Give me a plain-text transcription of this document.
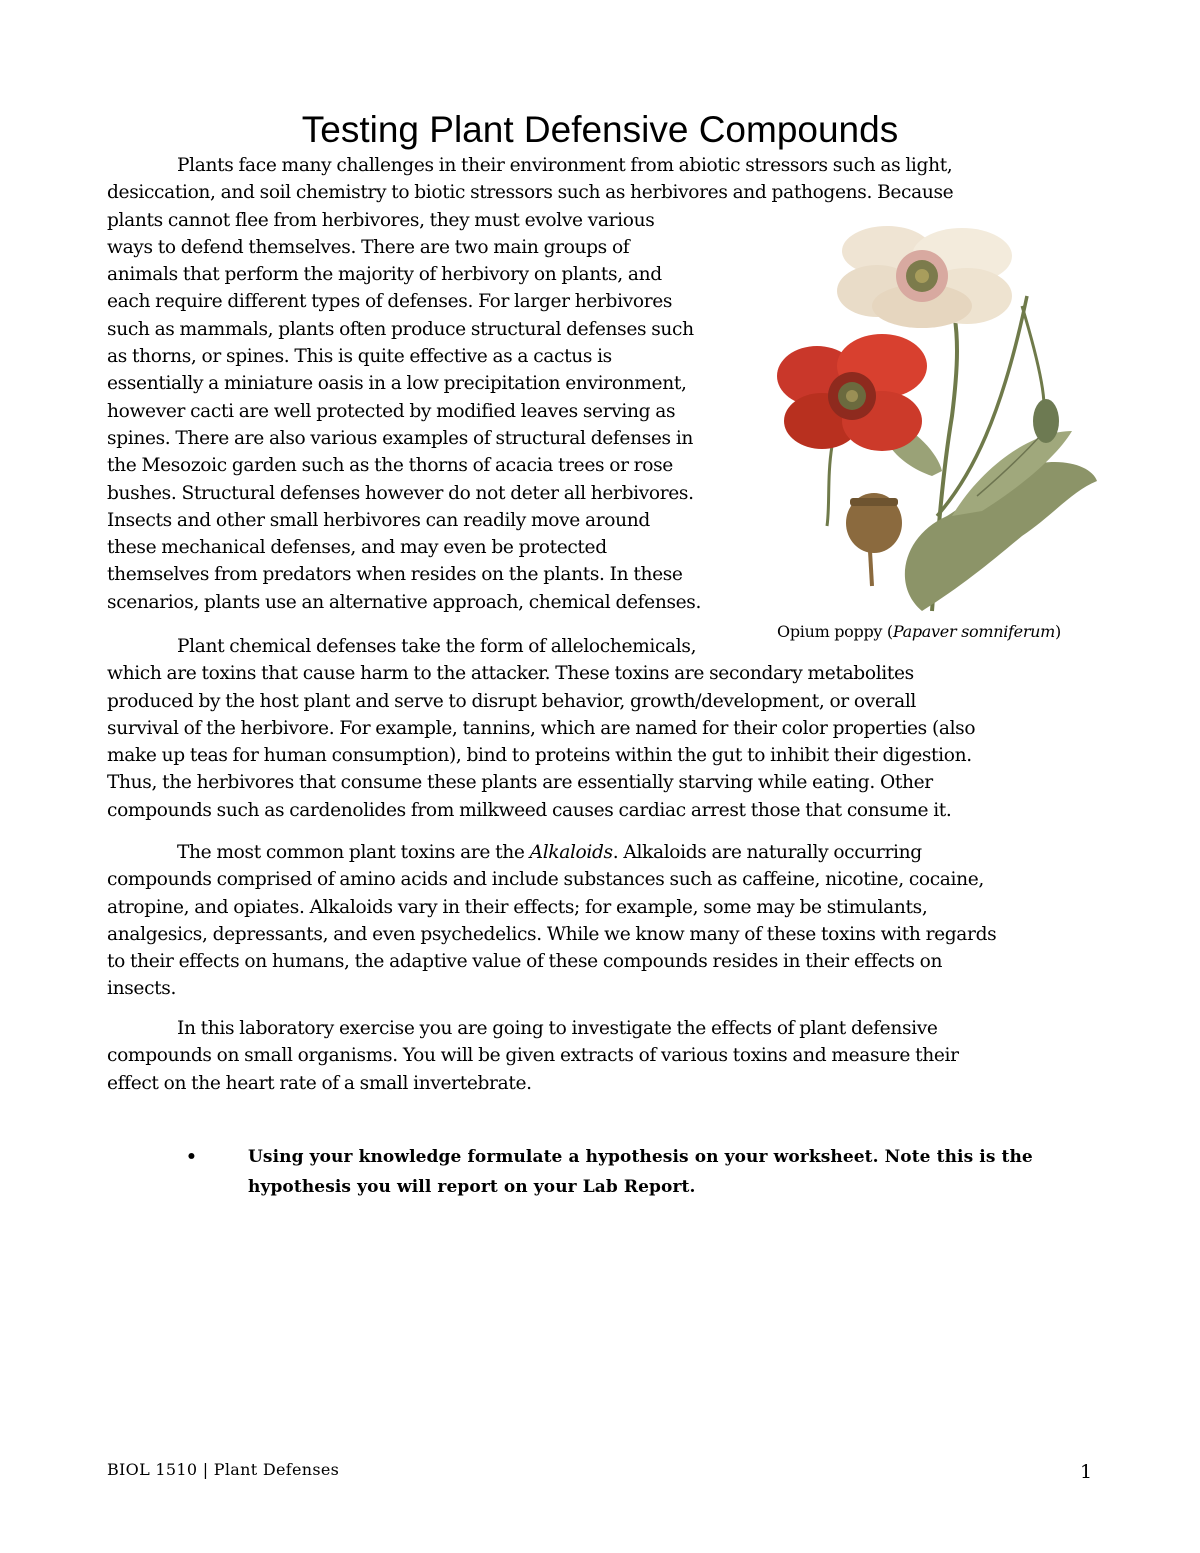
Testing Plant Defensive Compounds
Plants face many challenges in their environment from abiotic stressors such as light,
desiccation, and soil chemistry to biotic stressors such as herbivores and pathogens. Because
plants cannot flee from herbivores, they must evolve various
ways to defend themselves. There are two main groups of
animals that perform the majority of herbivory on plants, and
each require different types of defenses. For larger herbivores
such as mammals, plants often produce structural defenses such
as thorns, or spines. This is quite effective as a cactus is
essentially a miniature oasis in a low precipitation environment,
however cacti are well protected by modified leaves serving as
spines. There are also various examples of structural defenses in
the Mesozoic garden such as the thorns of acacia trees or rose
bushes. Structural defenses however do not deter all herbivores.
Insects and other small herbivores can readily move around
these mechanical defenses, and may even be protected
themselves from predators when resides on the plants. In these
scenarios, plants use an alternative approach, chemical defenses.
Opium poppy (Papaver somniferum)
Plant chemical defenses take the form of allelochemicals,
which are toxins that cause harm to the attacker. These toxins are secondary metabolites
produced by the host plant and serve to disrupt behavior, growth/development, or overall
survival of the herbivore. For example, tannins, which are named for their color properties (also
make up teas for human consumption), bind to proteins within the gut to inhibit their digestion.
Thus, the herbivores that consume these plants are essentially starving while eating. Other
compounds such as cardenolides from milkweed causes cardiac arrest those that consume it.
The most common plant toxins are the Alkaloids. Alkaloids are naturally occurring
compounds comprised of amino acids and include substances such as caffeine, nicotine, cocaine,
atropine, and opiates. Alkaloids vary in their effects; for example, some may be stimulants,
analgesics, depressants, and even psychedelics. While we know many of these toxins with regards
to their effects on humans, the adaptive value of these compounds resides in their effects on
insects.
In this laboratory exercise you are going to investigate the effects of plant defensive
compounds on small organisms. You will be given extracts of various toxins and measure their
effect on the heart rate of a small invertebrate.
•	Using your knowledge formulate a hypothesis on your worksheet. Note this is the
hypothesis you will report on your Lab Report.
BIOL 1510 | Plant Defenses	1
